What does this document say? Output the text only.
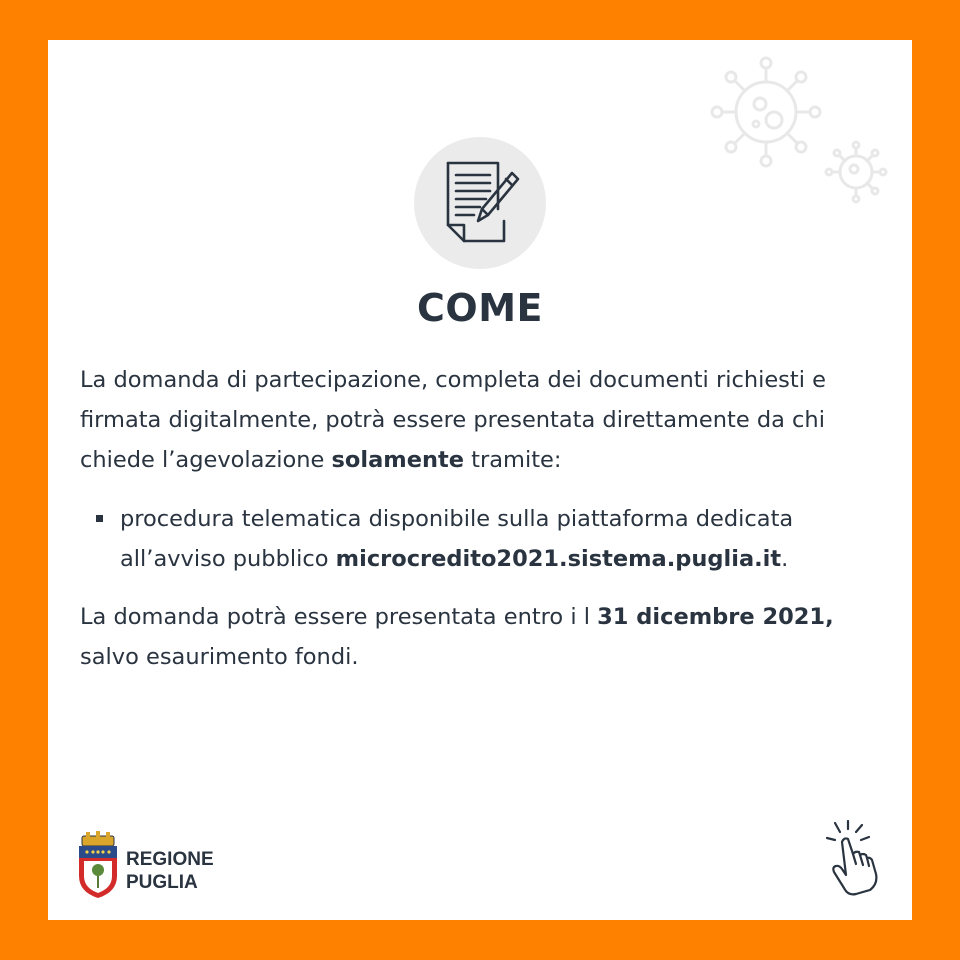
COME

La domanda di partecipazione, completa dei documenti richiesti e firmata digitalmente, potrà essere presentata direttamente da chi chiede l’agevolazione solamente tramite:

procedura telematica disponibile sulla piattaforma dedicata all’avviso pubblico microcredito2021.sistema.puglia.it.

La domanda potrà essere presentata entro i l 31 dicembre 2021, salvo esaurimento fondi.

REGIONE
PUGLIA
